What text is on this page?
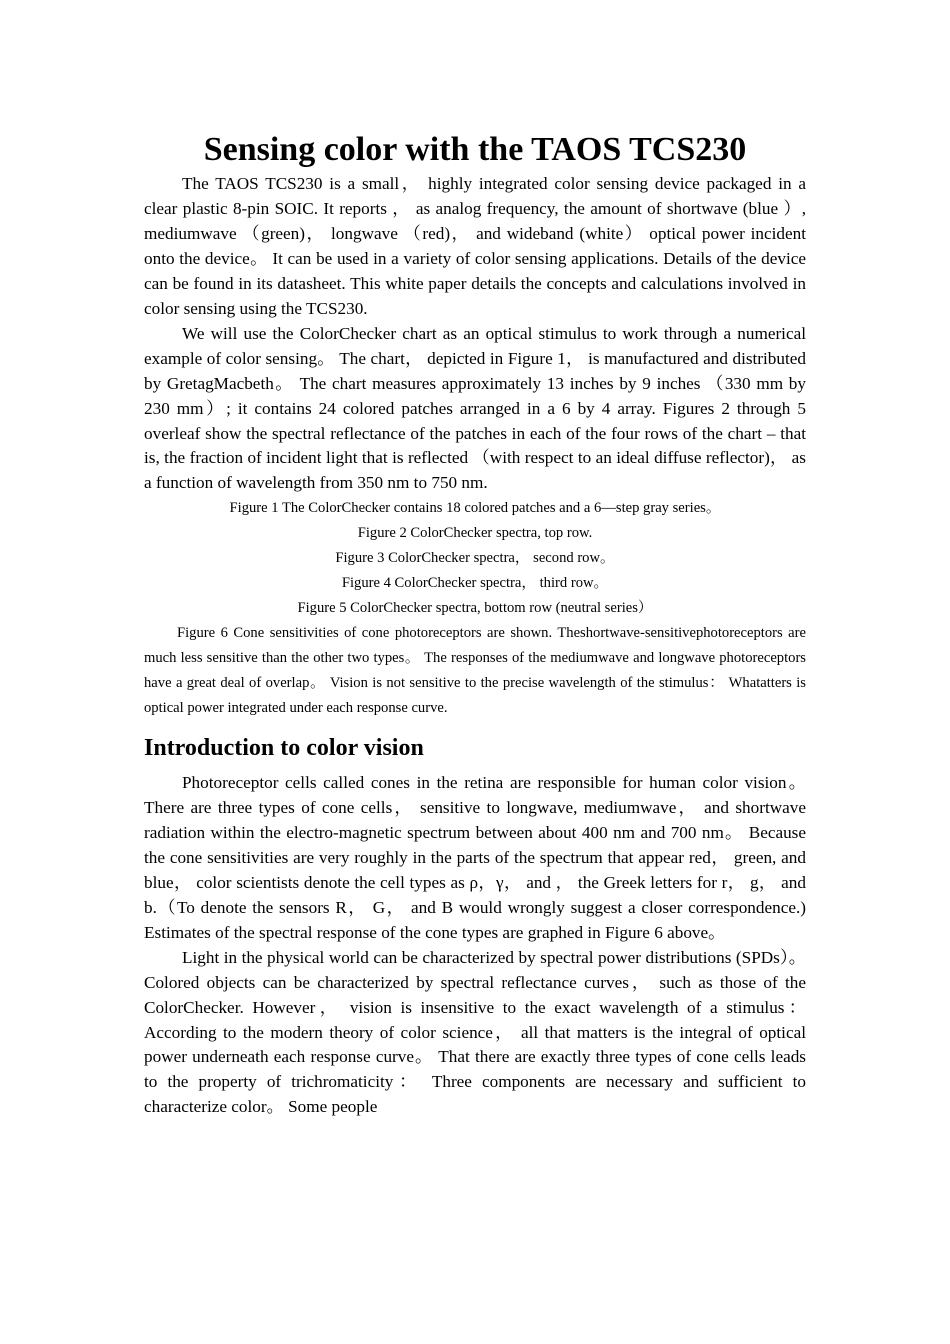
Sensing color with the TAOS TCS230

The TAOS TCS230 is a small， highly integrated color sensing device packaged in a clear plastic 8-pin SOIC. It reports ， as analog frequency, the amount of shortwave (blue ）, mediumwave （green)， longwave （red)， and wideband (white） optical power incident onto the device。 It can be used in a variety of color sensing applications. Details of the device can be found in its datasheet. This white paper details the concepts and calculations involved in color sensing using the TCS230.

We will use the ColorChecker chart as an optical stimulus to work through a numerical example of color sensing。 The chart， depicted in Figure 1， is manufactured and distributed by GretagMacbeth。 The chart measures approximately 13 inches by 9 inches （330 mm by 230 mm）; it contains 24 colored patches arranged in a 6 by 4 array. Figures 2 through 5 overleaf show the spectral reflectance of the patches in each of the four rows of the chart – that is, the fraction of incident light that is reflected （with respect to an ideal diffuse reflector)， as a function of wavelength from 350 nm to 750 nm.

Figure 1 The ColorChecker contains 18 colored patches and a 6—step gray series。

Figure 2 ColorChecker spectra, top row.

Figure 3 ColorChecker spectra， second row。

Figure 4 ColorChecker spectra， third row。

Figure 5 ColorChecker spectra, bottom row (neutral series）

Figure 6 Cone sensitivities of cone photoreceptors are shown. Theshortwave-sensitivephotoreceptors are much less sensitive than the other two types。 The responses of the mediumwave and longwave photoreceptors have a great deal of overlap。 Vision is not sensitive to the precise wavelength of the stimulus： Whatatters is optical power integrated under each response curve.

Introduction to color vision

Photoreceptor cells called cones in the retina are responsible for human color vision。 There are three types of cone cells， sensitive to longwave, mediumwave， and shortwave radiation within the electro-magnetic spectrum between about 400 nm and 700 nm。 Because the cone sensitivities are very roughly in the parts of the spectrum that appear red， green, and blue， color scientists denote the cell types as ρ，γ， and ， the Greek letters for r， g， and b.（To denote the sensors R， G， and B would wrongly suggest a closer correspondence.) Estimates of the spectral response of the cone types are graphed in Figure 6 above。

Light in the physical world can be characterized by spectral power distributions (SPDs）。 Colored objects can be characterized by spectral reflectance curves， such as those of the ColorChecker. However， vision is insensitive to the exact wavelength of a stimulus： According to the modern theory of color science， all that matters is the integral of optical power underneath each response curve。 That there are exactly three types of cone cells leads to the property of trichromaticity： Three components are necessary and sufficient to characterize color。 Some people
